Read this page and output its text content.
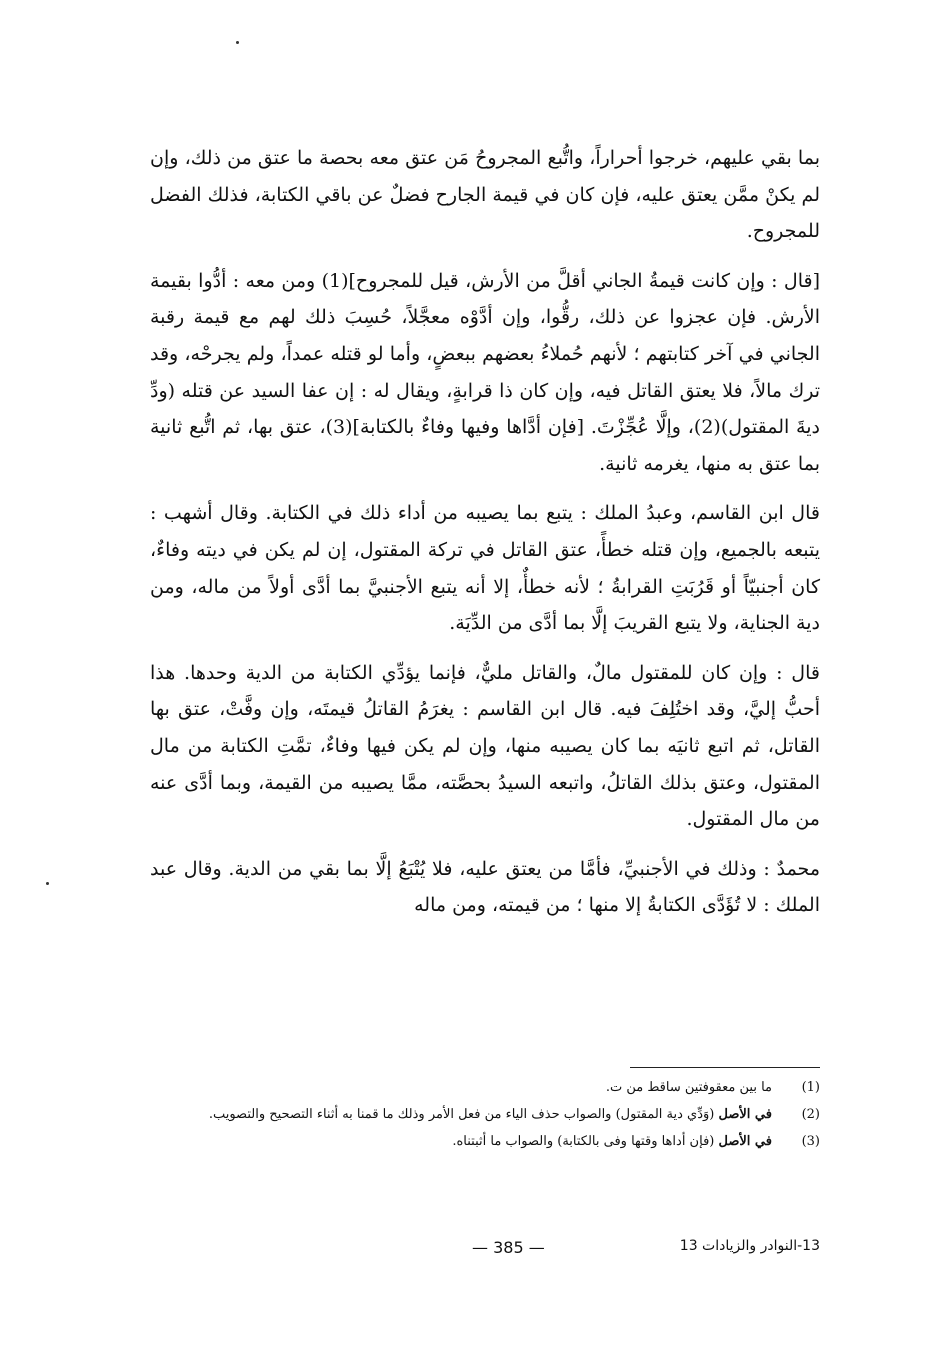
بما بقي عليهم، خرجوا أحراراً، واتُّبع المجروحُ مَن عتق معه بحصة ما عتق من ذلك، وإن لم يكنْ ممَّن يعتق عليه، فإن كان في قيمة الجارح فضلٌ عن باقي الكتابة، فذلك الفضل للمجروح.

[قال : وإن كانت قيمةُ الجاني أقلَّ من الأرش، قيل للمجروح](1) ومن معه : أدُّوا بقيمة الأرش. فإن عجزوا عن ذلك، رقُّوا، وإن أدَّوْه معجَّلاً، حُسِبَ ذلك لهم مع قيمة رقبة الجاني في آخر كتابتهم ؛ لأنهم حُملاءُ بعضهم ببعضٍ، وأما لو قتله عمداً، ولم يجرحْه، وقد ترك مالاً، فلا يعتق القاتل فيه، وإن كان ذا قرابةٍ، ويقال له : إن عفا السيد عن قتله (ودِّ ديةَ المقتول)(2)، وإلَّا عُجِّزْتَ. [فإن أدَّاها وفيها وفاءٌ بالكتابة](3)، عتق بها، ثم اتُّبع ثانية بما عتق به منها، يغرمه ثانية.

قال ابن القاسم، وعبدُ الملك : يتبع بما يصيبه من أداء ذلك في الكتابة. وقال أشهب : يتبعه بالجميع، وإن قتله خطأً، عتق القاتل في تركة المقتول، إن لم يكن في ديته وفاءٌ، كان أجنبيّاً أو قَرُبَتِ القرابةُ ؛ لأنه خطأٌ، إلا أنه يتبع الأجنبيَّ بما أدَّى أولاً من ماله، ومن دية الجناية، ولا يتبع القريبَ إلَّا بما أدَّى من الدِّيَة.

قال : وإن كان للمقتول مالٌ، والقاتل مليٌّ، فإنما يؤدِّي الكتابة من الدية وحدها. هذا أحبُّ إليَّ، وقد اختُلِفَ فيه. قال ابن القاسم : يغرَمُ القاتلُ قيمتَه، وإن وفَّتْ، عتق بها القاتل، ثم اتبع ثانيَه بما كان يصيبه منها، وإن لم يكن فيها وفاءٌ، تمَّتِ الكتابة من مال المقتول، وعتق بذلك القاتلُ، واتبعه السيدُ بحصَّته، ممَّا يصيبه من القيمة، وبما أدَّى عنه من مال المقتول.

محمدٌ : وذلك في الأجنبيِّ، فأمَّا من يعتق عليه، فلا يُتْبَعُ إلَّا بما بقي من الدية. وقال عبد الملك : لا تُؤَدَّى الكتابةُ إلا منها ؛ من قيمته، ومن ماله

(1)
ما بين معقوفتين ساقط من ت.
(2)
في الأصل (وَدِّي دية المقتول) والصواب حذف الياء من فعل الأمر وذلك ما قمنا به أثناء التصحيح والتصويب.
(3)
في الأصل (فإن أداها وقتها وفى بالكتابة) والصواب ما أثبتناه.
— 385 —	13-النوادر والزيادات 13
